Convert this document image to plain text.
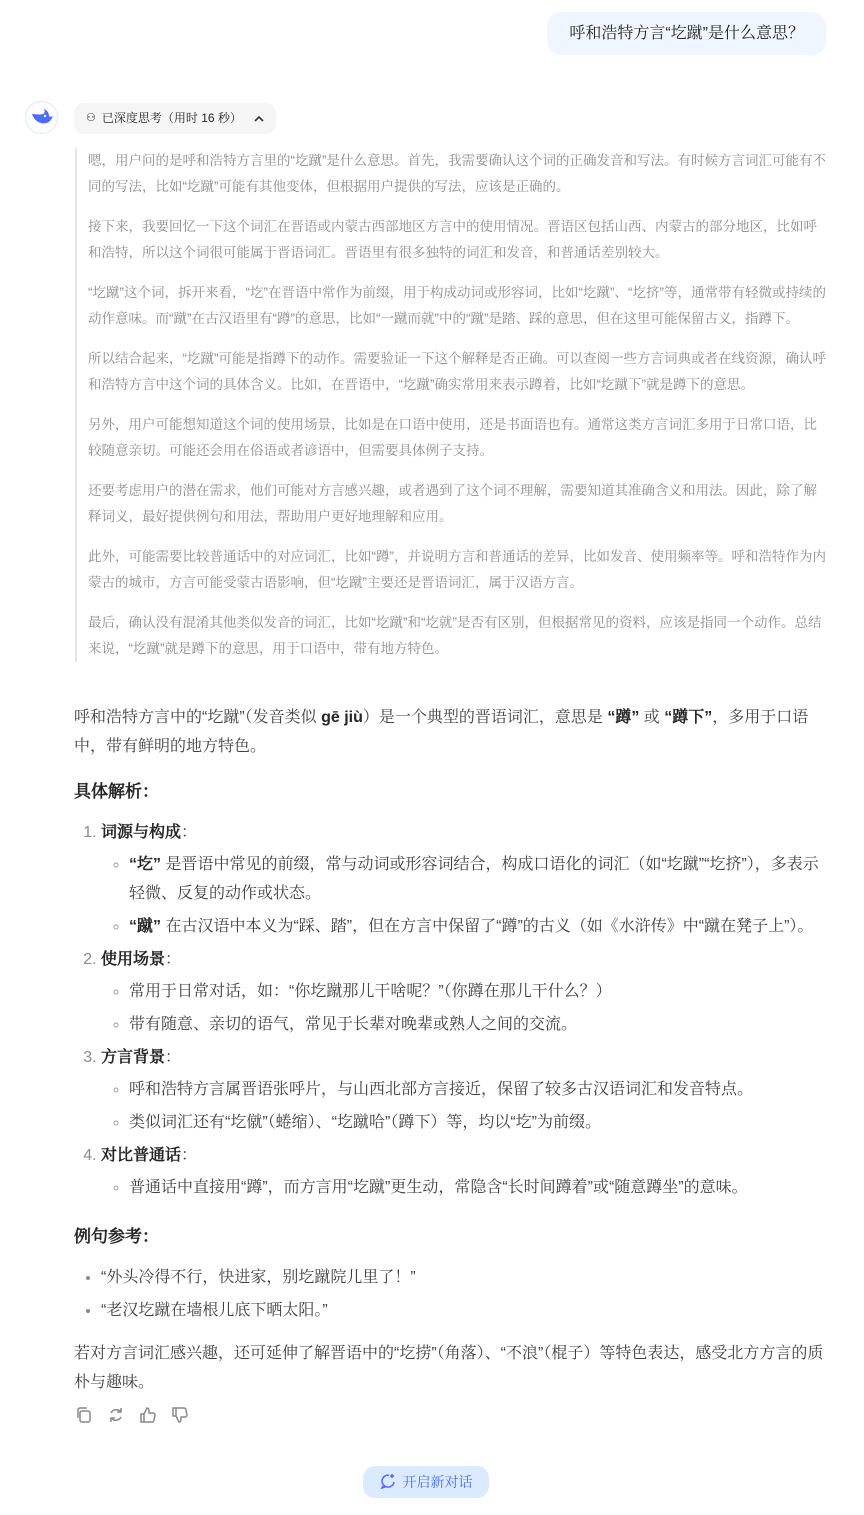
呼和浩特方言“圪蹴”是什么意思？
⚇ 已深度思考（用时 16 秒）

嗯，用户问的是呼和浩特方言里的“圪蹴”是什么意思。首先，我需要确认这个词的正确发音和写法。有时候方言词汇可能有不同的写法，比如“圪蹴”可能有其他变体，但根据用户提供的写法，应该是正确的。

接下来，我要回忆一下这个词汇在晋语或内蒙古西部地区方言中的使用情况。晋语区包括山西、内蒙古的部分地区，比如呼和浩特，所以这个词很可能属于晋语词汇。晋语里有很多独特的词汇和发音，和普通话差别较大。

“圪蹴”这个词，拆开来看，“圪”在晋语中常作为前缀，用于构成动词或形容词，比如“圪蹴”、“圪挤”等，通常带有轻微或持续的动作意味。而“蹴”在古汉语里有“蹲”的意思，比如“一蹴而就”中的“蹴”是踏、踩的意思，但在这里可能保留古义，指蹲下。

所以结合起来，“圪蹴”可能是指蹲下的动作。需要验证一下这个解释是否正确。可以查阅一些方言词典或者在线资源，确认呼和浩特方言中这个词的具体含义。比如，在晋语中，“圪蹴”确实常用来表示蹲着，比如“圪蹴下”就是蹲下的意思。

另外，用户可能想知道这个词的使用场景，比如是在口语中使用，还是书面语也有。通常这类方言词汇多用于日常口语，比较随意亲切。可能还会用在俗语或者谚语中，但需要具体例子支持。

还要考虑用户的潜在需求，他们可能对方言感兴趣，或者遇到了这个词不理解，需要知道其准确含义和用法。因此，除了解释词义，最好提供例句和用法，帮助用户更好地理解和应用。

此外，可能需要比较普通话中的对应词汇，比如“蹲”，并说明方言和普通话的差异，比如发音、使用频率等。呼和浩特作为内蒙古的城市，方言可能受蒙古语影响，但“圪蹴”主要还是晋语词汇，属于汉语方言。

最后，确认没有混淆其他类似发音的词汇，比如“圪蹴”和“圪就”是否有区别，但根据常见的资料，应该是指同一个动作。总结来说，“圪蹴”就是蹲下的意思，用于口语中，带有地方特色。

呼和浩特方言中的“圪蹴”（发音类似 gē jiù）是一个典型的晋语词汇，意思是 “蹲” 或 “蹲下”，多用于口语中，带有鲜明的地方特色。

具体解析：
1. 词源与构成：
◦ “圪” 是晋语中常见的前缀，常与动词或形容词结合，构成口语化的词汇（如“圪蹴”“圪挤”），多表示轻微、反复的动作或状态。
◦ “蹴” 在古汉语中本义为“踩、踏”，但在方言中保留了“蹲”的古义（如《水浒传》中“蹴在凳子上”）。
2. 使用场景：
◦ 常用于日常对话，如：“你圪蹴那儿干啥呢？”（你蹲在那儿干什么？）
◦ 带有随意、亲切的语气，常见于长辈对晚辈或熟人之间的交流。
3. 方言背景：
◦ 呼和浩特方言属晋语张呼片，与山西北部方言接近，保留了较多古汉语词汇和发音特点。
◦ 类似词汇还有“圪僦”（蜷缩）、“圪蹴哈”（蹲下）等，均以“圪”为前缀。
4. 对比普通话：
◦ 普通话中直接用“蹲”，而方言用“圪蹴”更生动，常隐含“长时间蹲着”或“随意蹲坐”的意味。
例句参考：
• “外头冷得不行，快进家，别圪蹴院儿里了！”
• “老汉圪蹴在墙根儿底下晒太阳。”

若对方言词汇感兴趣，还可延伸了解晋语中的“圪捞”（角落）、“不浪”（棍子）等特色表达，感受北方方言的质朴与趣味。

开启新对话
